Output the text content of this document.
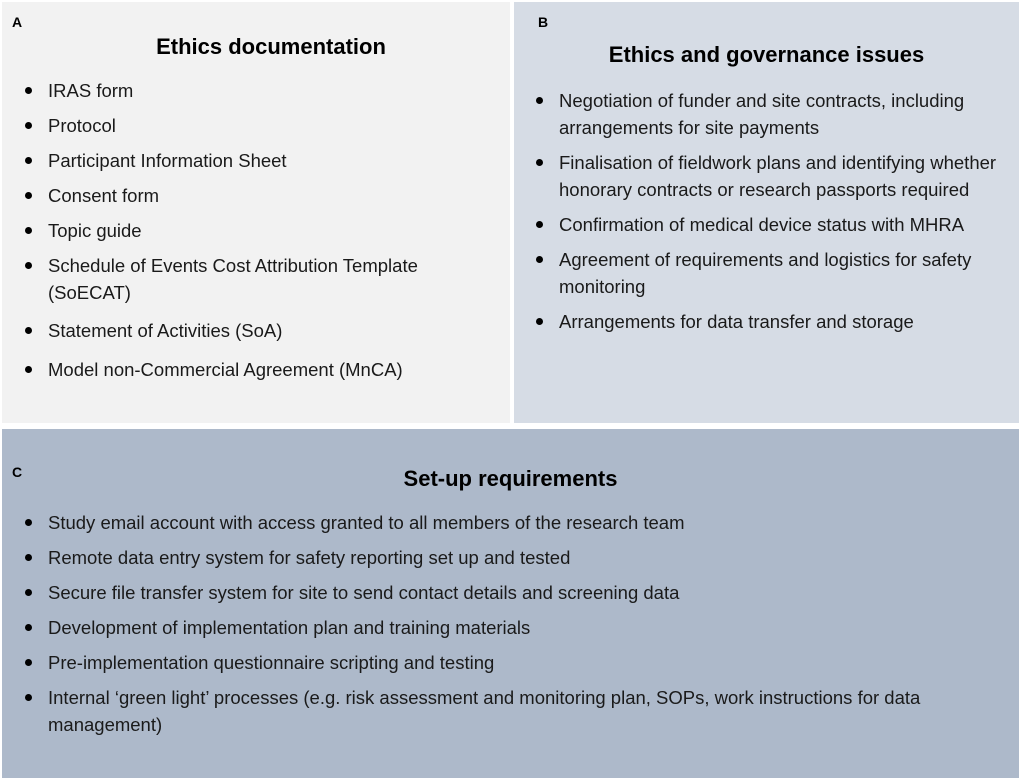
A
Ethics documentation
IRAS form
Protocol
Participant Information Sheet
Consent form
Topic guide
Schedule of Events Cost Attribution Template (SoECAT)
Statement of Activities (SoA)
Model non-Commercial Agreement (MnCA)
B
Ethics and governance issues
Negotiation of funder and site contracts, including arrangements for site payments
Finalisation of fieldwork plans and identifying whether honorary contracts or research passports required
Confirmation of medical device status with MHRA
Agreement of requirements and logistics for safety monitoring
Arrangements for data transfer and storage
C	Set-up requirements
Study email account with access granted to all members of the research team
Remote data entry system for safety reporting set up and tested
Secure file transfer system for site to send contact details and screening data
Development of implementation plan and training materials
Pre-implementation questionnaire scripting and testing
Internal ‘green light’ processes (e.g. risk assessment and monitoring plan, SOPs, work instructions for data management)
